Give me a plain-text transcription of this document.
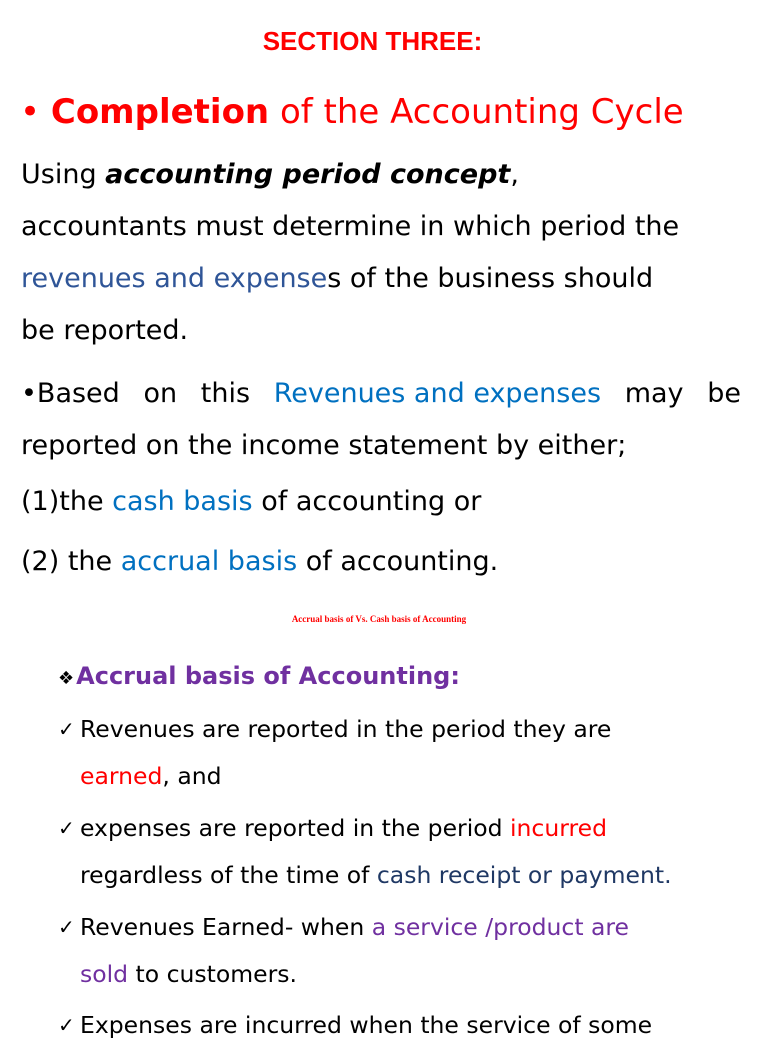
SECTION THREE:
• Completion of the Accounting Cycle
Using accounting period concept,
accountants must determine in which period the
revenues and expenses of the business should
be reported.
•Based on this Revenues and expenses may be
reported on the income statement by either;
(1)the cash basis of accounting or
(2) the accrual basis of accounting.
Accrual basis of Vs. Cash basis of Accounting
❖Accrual basis of Accounting:
✓ Revenues are reported in the period they are
earned, and
✓ expenses are reported in the period incurred
regardless of the time of cash receipt or payment.
✓Revenues Earned- when a service /product are
sold to customers.
✓ Expenses are incurred when the service of some
